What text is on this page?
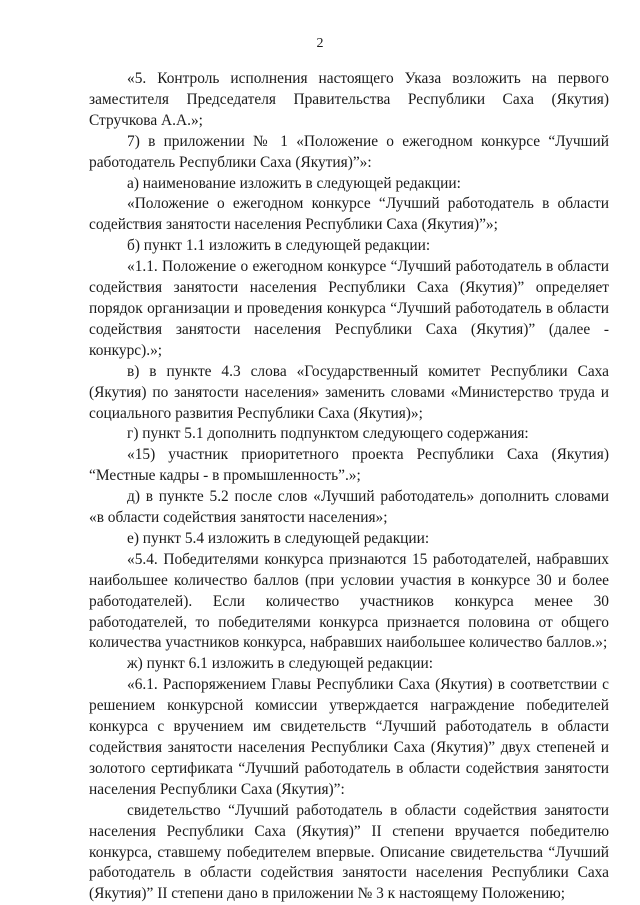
2

«5. Контроль исполнения настоящего Указа возложить на первого заместителя Председателя Правительства Республики Саха (Якутия) Стручкова А.А.»;

7) в приложении № 1 «Положение о ежегодном конкурсе “Лучший работодатель Республики Саха (Якутия)”»:

а) наименование изложить в следующей редакции:

«Положение о ежегодном конкурсе “Лучший работодатель в области содействия занятости населения Республики Саха (Якутия)”»;

б) пункт 1.1 изложить в следующей редакции:

«1.1. Положение о ежегодном конкурсе “Лучший работодатель в области содействия занятости населения Республики Саха (Якутия)” определяет порядок организации и проведения конкурса “Лучший работодатель в области содействия занятости населения Республики Саха (Якутия)” (далее - конкурс).»;

в) в пункте 4.3 слова «Государственный комитет Республики Саха (Якутия) по занятости населения» заменить словами «Министерство труда и социального развития Республики Саха (Якутия)»;

г) пункт 5.1 дополнить подпунктом следующего содержания:

«15) участник приоритетного проекта Республики Саха (Якутия) “Местные кадры - в промышленность”.»;

д) в пункте 5.2 после слов «Лучший работодатель» дополнить словами «в области содействия занятости населения»;

е) пункт 5.4 изложить в следующей редакции:

«5.4. Победителями конкурса признаются 15 работодателей, набравших наибольшее количество баллов (при условии участия в конкурсе 30 и более работодателей). Если количество участников конкурса менее 30 работодателей, то победителями конкурса признается половина от общего количества участников конкурса, набравших наибольшее количество баллов.»;

ж) пункт 6.1 изложить в следующей редакции:

«6.1. Распоряжением Главы Республики Саха (Якутия) в соответствии с решением конкурсной комиссии утверждается награждение победителей конкурса с вручением им свидетельств “Лучший работодатель в области содействия занятости населения Республики Саха (Якутия)” двух степеней и золотого сертификата “Лучший работодатель в области содействия занятости населения Республики Саха (Якутия)”:

свидетельство “Лучший работодатель в области содействия занятости населения Республики Саха (Якутия)” II степени вручается победителю конкурса, ставшему победителем впервые. Описание свидетельства “Лучший работодатель в области содействия занятости населения Республики Саха (Якутия)” II степени дано в приложении № 3 к настоящему Положению;
